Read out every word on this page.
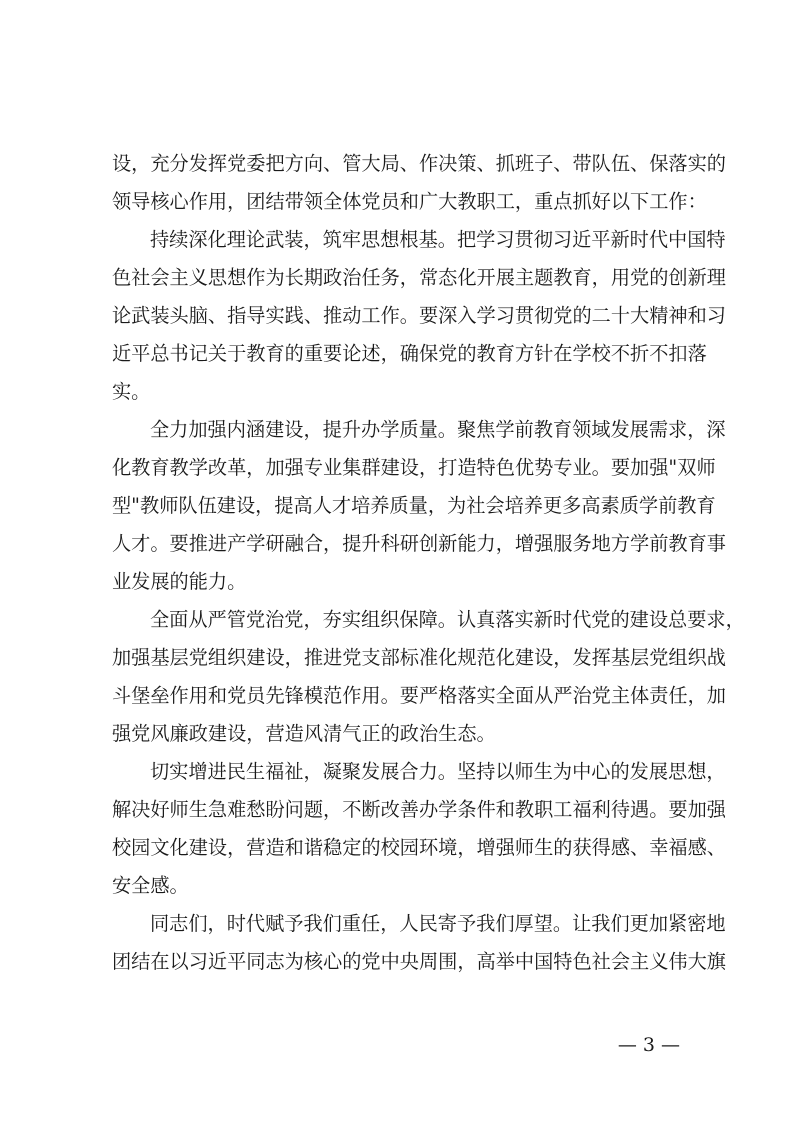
设，充分发挥党委把方向、管大局、作决策、抓班子、带队伍、保落实的
领导核心作用，团结带领全体党员和广大教职工，重点抓好以下工作：
持续深化理论武装，筑牢思想根基。把学习贯彻习近平新时代中国特
色社会主义思想作为长期政治任务，常态化开展主题教育，用党的创新理
论武装头脑、指导实践、推动工作。要深入学习贯彻党的二十大精神和习
近平总书记关于教育的重要论述，确保党的教育方针在学校不折不扣落
实。
全力加强内涵建设，提升办学质量。聚焦学前教育领域发展需求，深
化教育教学改革，加强专业集群建设，打造特色优势专业。要加强"双师
型"教师队伍建设，提高人才培养质量，为社会培养更多高素质学前教育
人才。要推进产学研融合，提升科研创新能力，增强服务地方学前教育事
业发展的能力。
全面从严管党治党，夯实组织保障。认真落实新时代党的建设总要求，
加强基层党组织建设，推进党支部标准化规范化建设，发挥基层党组织战
斗堡垒作用和党员先锋模范作用。要严格落实全面从严治党主体责任，加
强党风廉政建设，营造风清气正的政治生态。
切实增进民生福祉，凝聚发展合力。坚持以师生为中心的发展思想，
解决好师生急难愁盼问题，不断改善办学条件和教职工福利待遇。要加强
校园文化建设，营造和谐稳定的校园环境，增强师生的获得感、幸福感、
安全感。
同志们，时代赋予我们重任，人民寄予我们厚望。让我们更加紧密地
团结在以习近平同志为核心的党中央周围，高举中国特色社会主义伟大旗
— 3 —
